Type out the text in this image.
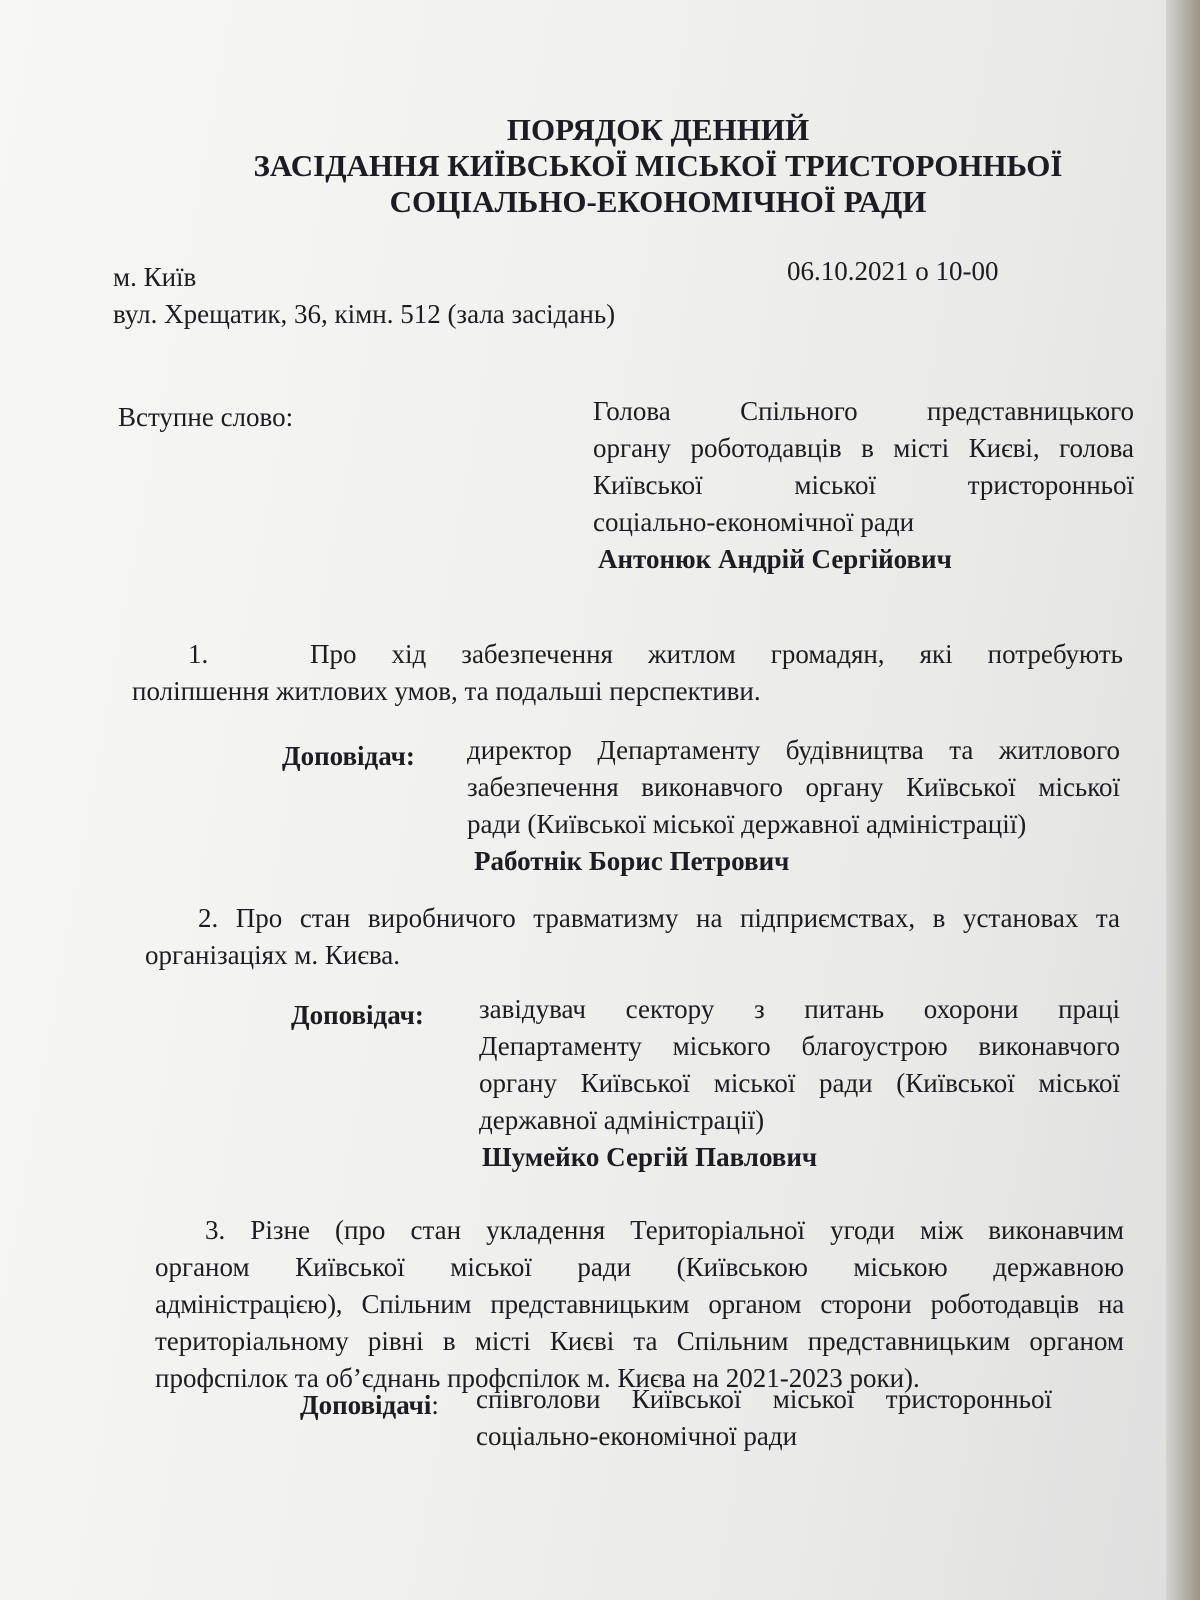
ПОРЯДОК ДЕННИЙ
ЗАСІДАННЯ КИЇВСЬКОЇ МІСЬКОЇ ТРИСТОРОННЬОЇ
СОЦІАЛЬНО-ЕКОНОМІЧНОЇ РАДИ
м. Київ	06.10.2021 о 10-00
вул. Хрещатик, 36, кімн. 512 (зала засідань)
Вступне слово:	Голова Спільного представницького
органу роботодавців в місті Києві, голова
Київської міської тристоронньої
соціально-економічної ради
Антонюк Андрій Сергійович
1.	Про хід забезпечення житлом громадян, які потребують
поліпшення житлових умов, та подальші перспективи.
Доповідач: директор Департаменту будівництва та житлового
забезпечення виконавчого органу Київської міської
ради (Київської міської державної адміністрації)
Работнік Борис Петрович
2. Про стан виробничого травматизму на підприємствах, в установах та
організаціях м. Києва.
Доповідач: завідувач сектору з питань охорони праці
Департаменту міського благоустрою виконавчого
органу Київської міської ради (Київської міської
державної адміністрації)
Шумейко Сергій Павлович
3. Різне (про стан укладення Територіальної угоди між виконавчим
органом Київської міської ради (Київською міською державною
адміністрацією), Спільним представницьким органом сторони роботодавців на
територіальному рівні в місті Києві та Спільним представницьким органом
профспілок та об’єднань профспілок м. Києва на 2021-2023 роки).
Доповідачі: співголови Київської міської тристоронньої
соціально-економічної ради
